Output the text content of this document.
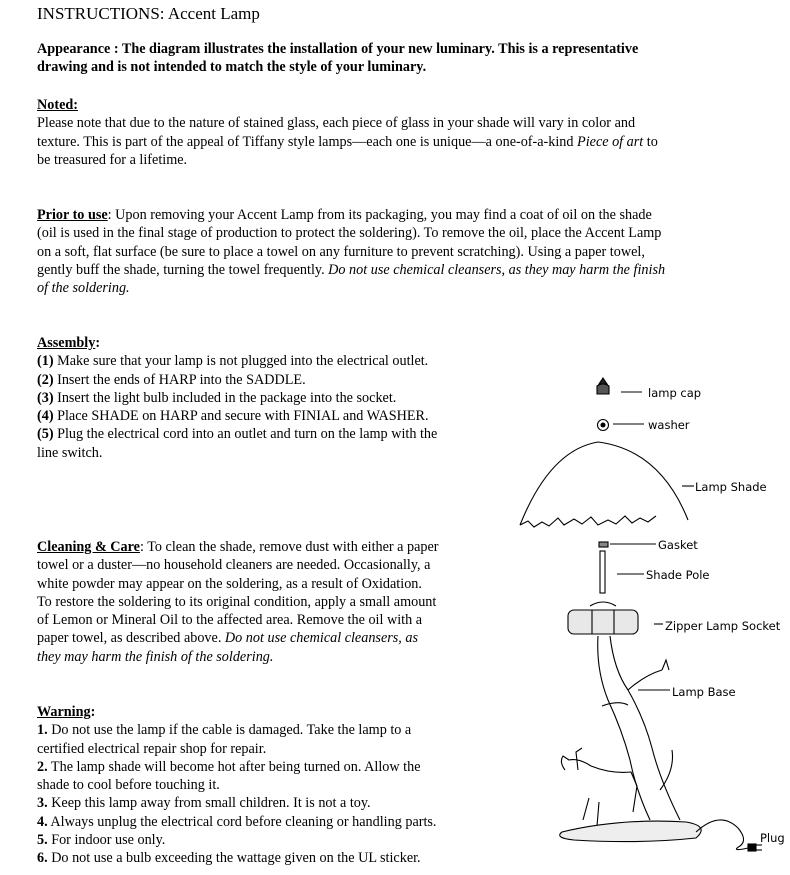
INSTRUCTIONS: Accent Lamp
Appearance : The diagram illustrates the installation of your new luminary. This is a representative
drawing and is not intended to match the style of your luminary.
Noted:
Please note that due to the nature of stained glass, each piece of glass in your shade will vary in color and
texture. This is part of the appeal of Tiffany style lamps—each one is unique—a one-of-a-kind Piece of art to
be treasured for a lifetime.
Prior to use: Upon removing your Accent Lamp from its packaging, you may find a coat of oil on the shade
(oil is used in the final stage of production to protect the soldering). To remove the oil, place the Accent Lamp
on a soft, flat surface (be sure to place a towel on any furniture to prevent scratching). Using a paper towel,
gently buff the shade, turning the towel frequently. Do not use chemical cleansers, as they may harm the finish
of the soldering.
Assembly:
(1) Make sure that your lamp is not plugged into the electrical outlet.
(2) Insert the ends of HARP into the SADDLE.
(3) Insert the light bulb included in the package into the socket.
(4) Place SHADE on HARP and secure with FINIAL and WASHER.
(5) Plug the electrical cord into an outlet and turn on the lamp with the
line switch.
Cleaning & Care: To clean the shade, remove dust with either a paper
towel or a duster—no household cleaners are needed. Occasionally, a
white powder may appear on the soldering, as a result of Oxidation.
To restore the soldering to its original condition, apply a small amount
of Lemon or Mineral Oil to the affected area. Remove the oil with a
paper towel, as described above. Do not use chemical cleansers, as
they may harm the finish of the soldering.
Warning:
1. Do not use the lamp if the cable is damaged. Take the lamp to a
certified electrical repair shop for repair.
2. The lamp shade will become hot after being turned on. Allow the
shade to cool before touching it.
3. Keep this lamp away from small children. It is not a toy.
4. Always unplug the electrical cord before cleaning or handling parts.
5. For indoor use only.
6. Do not use a bulb exceeding the wattage given on the UL sticker.
lamp cap
washer
Lamp Shade
Gasket
Shade Pole
Zipper Lamp Socket
Lamp Base
Plug
